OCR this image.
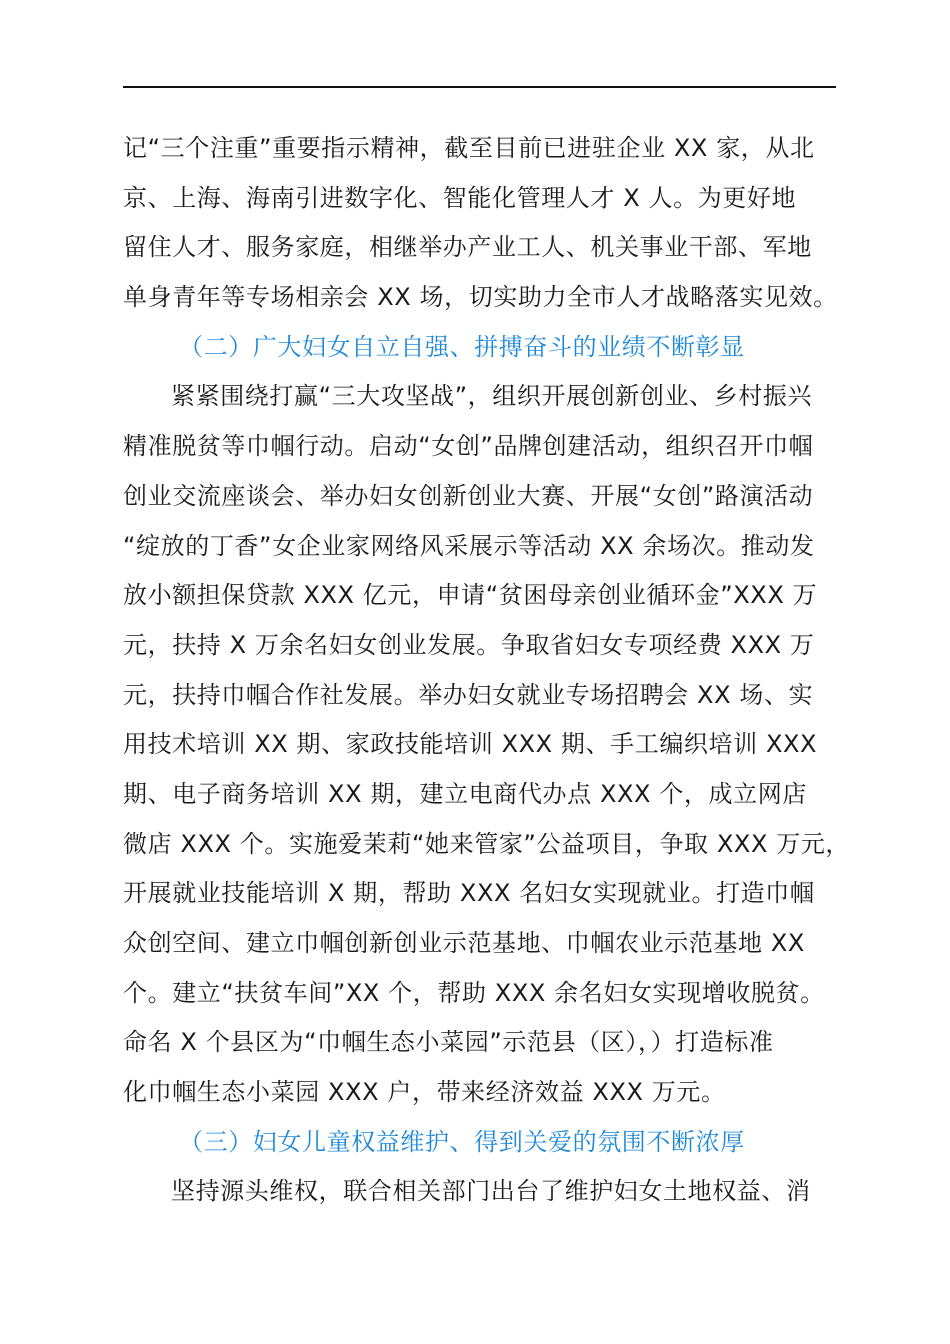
记“三个注重”重要指示精神，截至目前已进驻企业 XX 家，从北
京、上海、海南引进数字化、智能化管理人才 X 人。为更好地
留住人才、服务家庭，相继举办产业工人、机关事业干部、军地
单身青年等专场相亲会 XX 场，切实助力全市人才战略落实见效。
（二）广大妇女自立自强、拼搏奋斗的业绩不断彰显
紧紧围绕打赢“三大攻坚战”，组织开展创新创业、乡村振兴
精准脱贫等巾帼行动。启动“女创”品牌创建活动，组织召开巾帼
创业交流座谈会、举办妇女创新创业大赛、开展“女创”路演活动
“绽放的丁香”女企业家网络风采展示等活动 XX 余场次。推动发
放小额担保贷款 XXX 亿元，申请“贫困母亲创业循环金”XXX 万
元，扶持 X 万余名妇女创业发展。争取省妇女专项经费 XXX 万
元，扶持巾帼合作社发展。举办妇女就业专场招聘会 XX 场、实
用技术培训 XX 期、家政技能培训 XXX 期、手工编织培训 XXX
期、电子商务培训 XX 期，建立电商代办点 XXX 个，成立网店
微店 XXX 个。实施爱茉莉“她来管家”公益项目，争取 XXX 万元，
开展就业技能培训 X 期，帮助 XXX 名妇女实现就业。打造巾帼
众创空间、建立巾帼创新创业示范基地、巾帼农业示范基地 XX
个。建立“扶贫车间”XX 个，帮助 XXX 余名妇女实现增收脱贫。
命名 X 个县区为“巾帼生态小菜园”示范县（区），）打造标准
化巾帼生态小菜园 XXX 户，带来经济效益 XXX 万元。
（三）妇女儿童权益维护、得到关爱的氛围不断浓厚
坚持源头维权，联合相关部门出台了维护妇女土地权益、消
